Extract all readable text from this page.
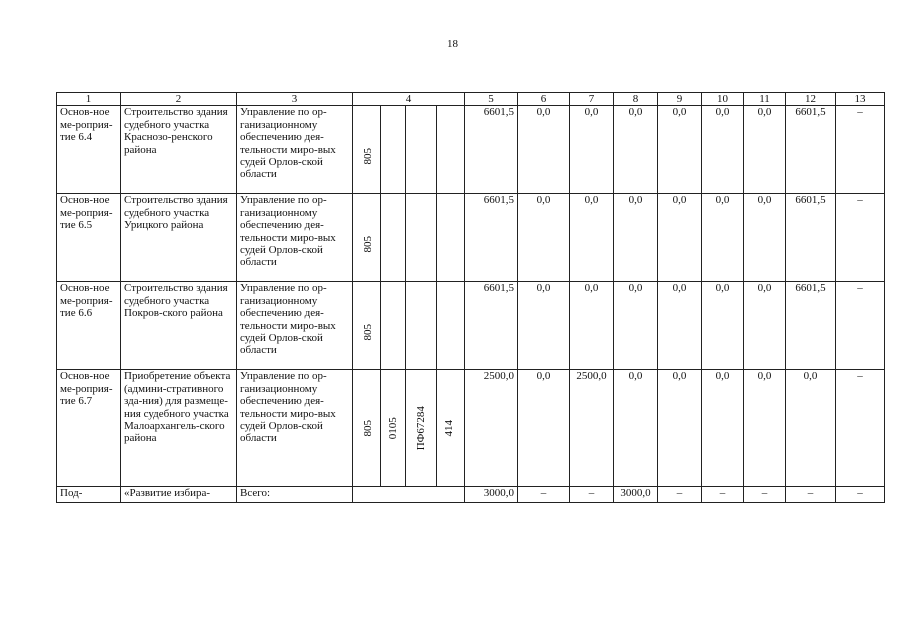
18
1	2	3	4	5	6	7	8	9	10	11	12	13
Основ-ное ме-роприя-тие 6.4	Строительство здания судебного участка Краснозо-ренского района	Управление по ор-ганизационному обеспечению дея-тельности миро-вых судей Орлов-ской области	805	6601,5	0,0	0,0	0,0	0,0	0,0	0,0	6601,5	–
Основ-ное ме-роприя-тие 6.5	Строительство здания судебного участка Урицкого района	Управление по ор-ганизационному обеспечению дея-тельности миро-вых судей Орлов-ской области	805	6601,5	0,0	0,0	0,0	0,0	0,0	0,0	6601,5	–
Основ-ное ме-роприя-тие 6.6	Строительство здания судебного участка Покров-ского района	Управление по ор-ганизационному обеспечению дея-тельности миро-вых судей Орлов-ской области	805	6601,5	0,0	0,0	0,0	0,0	0,0	0,0	6601,5	–
Основ-ное ме-роприя-тие 6.7	Приобретение объекта (админи-стративного зда-ния) для размеще-ния судебного участка Малоархангель-ского района	Управление по ор-ганизационному обеспечению дея-тельности миро-вых судей Орлов-ской области	805 0105 ПФ67284 414	2500,0	0,0	2500,0	0,0	0,0	0,0	0,0	0,0	–
Под-	«Развитие избира-	Всего:		3000,0	–	–	3000,0	–	–	–	–	–
